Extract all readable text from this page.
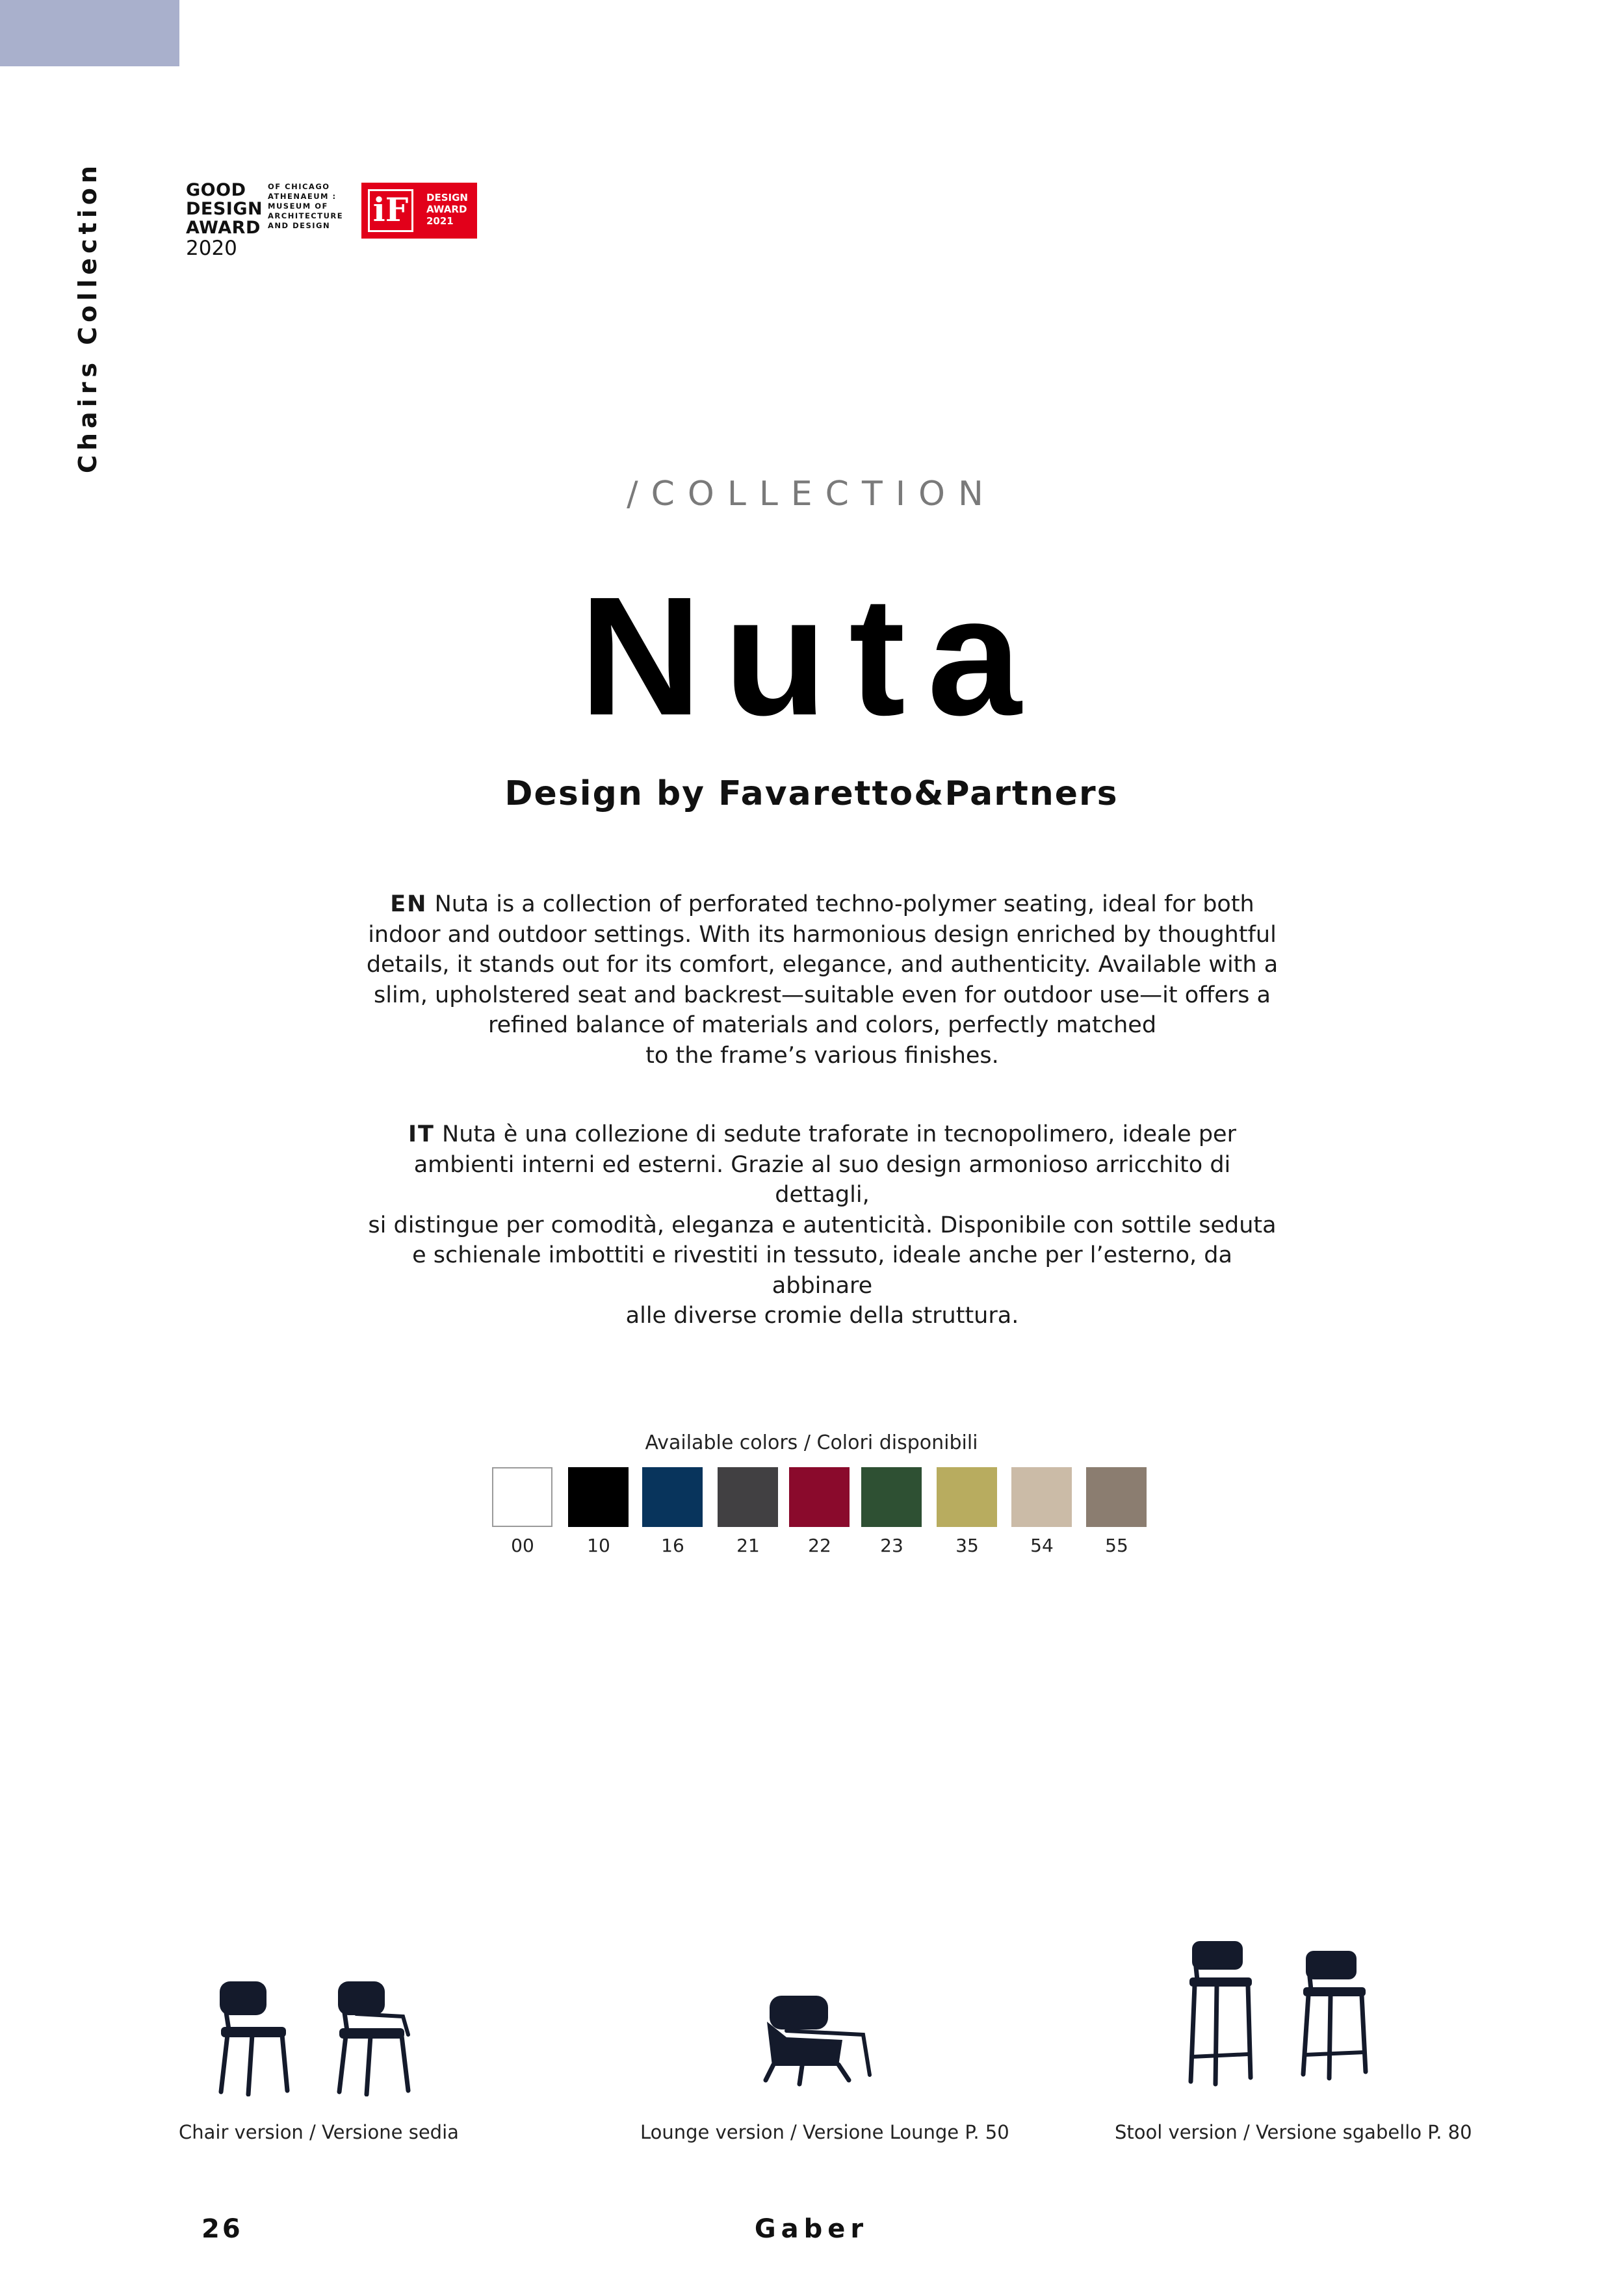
Chairs Collection	GOOD
DESIGN
AWARD
2020
OF CHICAGO
ATHENAEUM :
MUSEUM OF
ARCHITECTURE
AND DESIGN	iF	DESIGN
AWARD
2021
/COLLECTION
Nuta
Design by Favaretto&Partners
EN Nuta is a collection of perforated techno-polymer seating, ideal for both
indoor and outdoor settings. With its harmonious design enriched by thoughtful
details, it stands out for its comfort, elegance, and authenticity. Available with a
slim, upholstered seat and backrest—suitable even for outdoor use—it offers a
refined balance of materials and colors, perfectly matched
to the frame’s various finishes.
IT Nuta è una collezione di sedute traforate in tecnopolimero, ideale per
ambienti interni ed esterni. Grazie al suo design armonioso arricchito di dettagli,
si distingue per comodità, eleganza e autenticità. Disponibile con sottile seduta
e schienale imbottiti e rivestiti in tessuto, ideale anche per l’esterno, da abbinare
alle diverse cromie della struttura.
Available colors / Colori disponibili
00	10	16	21	22	23	35	54	55
Chair version / Versione sedia	Lounge version / Versione Lounge P. 50	Stool version / Versione sgabello P. 80
26	Gaber
